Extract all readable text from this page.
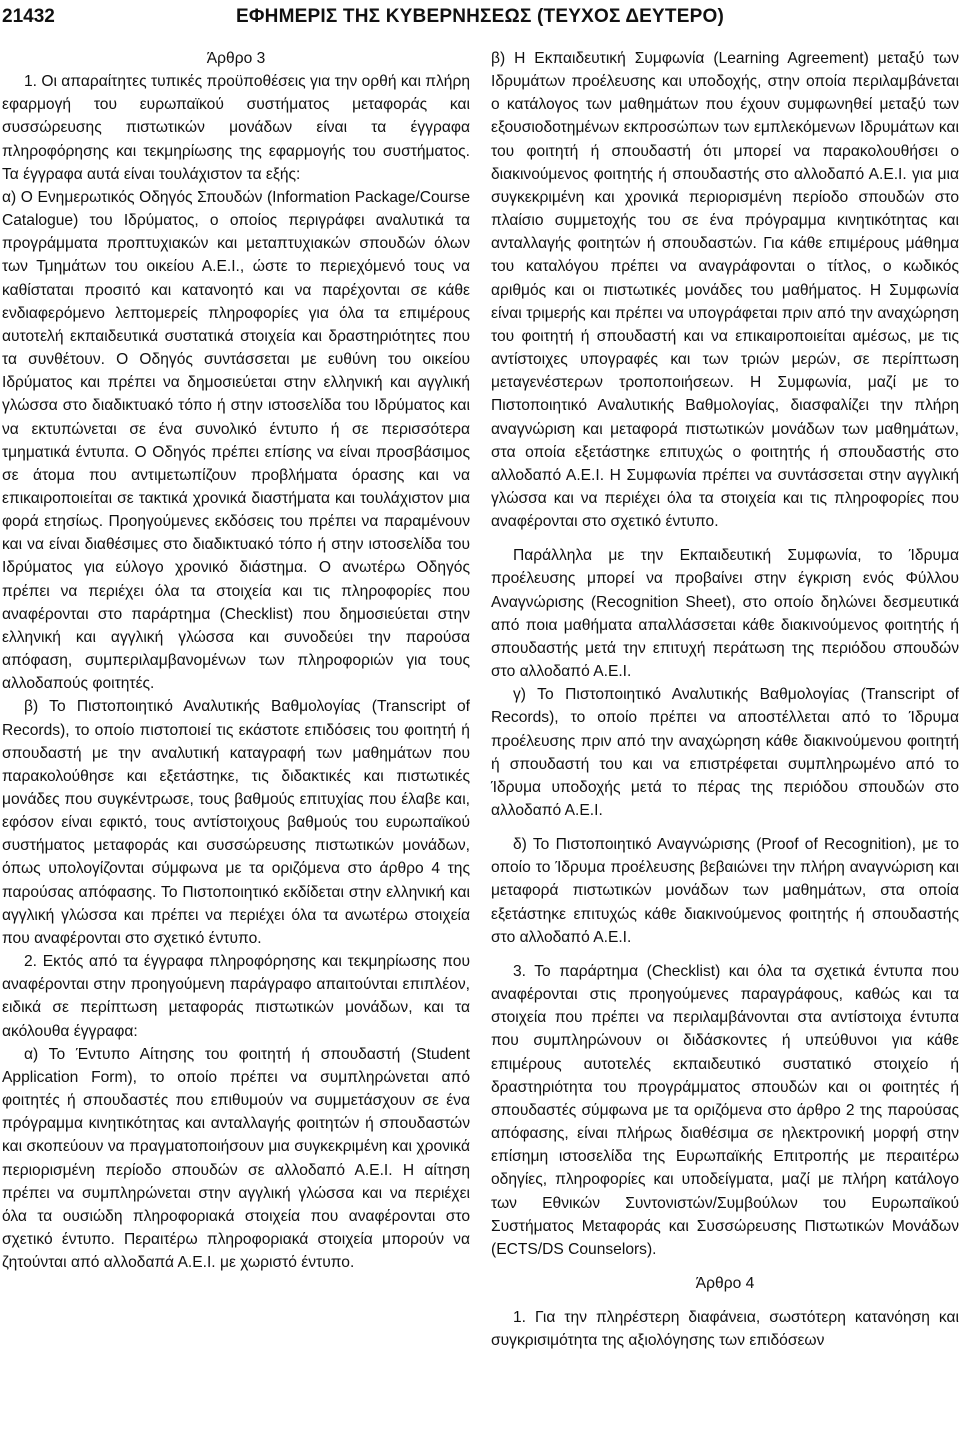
21432	ΕΦΗΜΕΡΙΣ ΤΗΣ ΚΥΒΕΡΝΗΣΕΩΣ (ΤΕΥΧΟΣ ΔΕΥΤΕΡΟ)

Άρθρο 3

1. Οι απαραίτητες τυπικές προϋποθέσεις για την ορθή και πλήρη εφαρμογή του ευρωπαϊκού συστήματος μεταφοράς και συσσώρευσης πιστωτικών μονάδων είναι τα έγγραφα πληροφόρησης και τεκμηρίωσης της εφαρμογής του συστήματος. Τα έγγραφα αυτά είναι τουλάχιστον τα εξής:

α) Ο Ενημερωτικός Οδηγός Σπουδών (Information Package/Course Catalogue) του Ιδρύματος, ο οποίος περιγράφει αναλυτικά τα προγράμματα προπτυχιακών και μεταπτυχιακών σπουδών όλων των Τμημάτων του οικείου Α.Ε.Ι., ώστε το περιεχόμενό τους να καθίσταται προσιτό και κατανοητό και να παρέχονται σε κάθε ενδιαφερόμενο λεπτομερείς πληροφορίες για όλα τα επιμέρους αυτοτελή εκπαιδευτικά συστατικά στοιχεία και δραστηριότητες που τα συνθέτουν. Ο Οδηγός συντάσσεται με ευθύνη του οικείου Ιδρύματος και πρέπει να δημοσιεύεται στην ελληνική και αγγλική γλώσσα στο διαδικτυακό τόπο ή στην ιστοσελίδα του Ιδρύματος και να εκτυπώνεται σε ένα συνολικό έντυπο ή σε περισσότερα τμηματικά έντυπα. Ο Οδηγός πρέπει επίσης να είναι προσβάσιμος σε άτομα που αντιμετωπίζουν προβλήματα όρασης και να επικαιροποιείται σε τακτικά χρονικά διαστήματα και τουλάχιστον μια φορά ετησίως. Προηγούμενες εκδόσεις του πρέπει να παραμένουν και να είναι διαθέσιμες στο διαδικτυακό τόπο ή στην ιστοσελίδα του Ιδρύματος για εύλογο χρονικό διάστημα. Ο ανωτέρω Οδηγός πρέπει να περιέχει όλα τα στοιχεία και τις πληροφορίες που αναφέρονται στο παράρτημα (Checklist) που δημοσιεύεται στην ελληνική και αγγλική γλώσσα και συνοδεύει την παρούσα απόφαση, συμπεριλαμβανομένων των πληροφοριών για τους αλλοδαπούς φοιτητές.

β) Το Πιστοποιητικό Αναλυτικής Βαθμολογίας (Transcript of Records), το οποίο πιστοποιεί τις εκάστοτε επιδόσεις του φοιτητή ή σπουδαστή με την αναλυτική καταγραφή των μαθημάτων που παρακολούθησε και εξετάστηκε, τις διδακτικές και πιστωτικές μονάδες που συγκέντρωσε, τους βαθμούς επιτυχίας που έλαβε και, εφόσον είναι εφικτό, τους αντίστοιχους βαθμούς του ευρωπαϊκού συστήματος μεταφοράς και συσσώρευσης πιστωτικών μονάδων, όπως υπολογίζονται σύμφωνα με τα οριζόμενα στο άρθρο 4 της παρούσας απόφασης. Το Πιστοποιητικό εκδίδεται στην ελληνική και αγγλική γλώσσα και πρέπει να περιέχει όλα τα ανωτέρω στοιχεία που αναφέρονται στο σχετικό έντυπο.

2. Εκτός από τα έγγραφα πληροφόρησης και τεκμηρίωσης που αναφέρονται στην προηγούμενη παράγραφο απαιτούνται επιπλέον, ειδικά σε περίπτωση μεταφοράς πιστωτικών μονάδων, και τα ακόλουθα έγγραφα:

α) Το Έντυπο Αίτησης του φοιτητή ή σπουδαστή (Student Application Form), το οποίο πρέπει να συμπληρώνεται από φοιτητές ή σπουδαστές που επιθυμούν να συμμετάσχουν σε ένα πρόγραμμα κινητικότητας και ανταλλαγής φοιτητών ή σπουδαστών και σκοπεύουν να πραγματοποιήσουν μια συγκεκριμένη και χρονικά περιορισμένη περίοδο σπουδών σε αλλοδαπό Α.Ε.Ι. Η αίτηση πρέπει να συμπληρώνεται στην αγγλική γλώσσα και να περιέχει όλα τα ουσιώδη πληροφοριακά στοιχεία που αναφέρονται στο σχετικό έντυπο. Περαιτέρω πληροφοριακά στοιχεία μπορούν να ζητούνται από αλλοδαπά Α.Ε.Ι. με χωριστό έντυπο.

β) Η Εκπαιδευτική Συμφωνία (Learning Agreement) μεταξύ των Ιδρυμάτων προέλευσης και υποδοχής, στην οποία περιλαμβάνεται ο κατάλογος των μαθημάτων που έχουν συμφωνηθεί μεταξύ των εξουσιοδοτημένων εκπροσώπων των εμπλεκόμενων Ιδρυμάτων και του φοιτητή ή σπουδαστή ότι μπορεί να παρακολουθήσει ο διακινούμενος φοιτητής ή σπουδαστής στο αλλοδαπό Α.Ε.Ι. για μια συγκεκριμένη και χρονικά περιορισμένη περίοδο σπουδών στο πλαίσιο συμμετοχής του σε ένα πρόγραμμα κινητικότητας και ανταλλαγής φοιτητών ή σπουδαστών. Για κάθε επιμέρους μάθημα του καταλόγου πρέπει να αναγράφονται ο τίτλος, ο κωδικός αριθμός και οι πιστωτικές μονάδες του μαθήματος. Η Συμφωνία είναι τριμερής και πρέπει να υπογράφεται πριν από την αναχώρηση του φοιτητή ή σπουδαστή και να επικαιροποιείται αμέσως, με τις αντίστοιχες υπογραφές και των τριών μερών, σε περίπτωση μεταγενέστερων τροποποιήσεων. Η Συμφωνία, μαζί με το Πιστοποιητικό Αναλυτικής Βαθμολογίας, διασφαλίζει την πλήρη αναγνώριση και μεταφορά πιστωτικών μονάδων των μαθημάτων, στα οποία εξετάστηκε επιτυχώς ο φοιτητής ή σπουδαστής στο αλλοδαπό Α.Ε.Ι. Η Συμφωνία πρέπει να συντάσσεται στην αγγλική γλώσσα και να περιέχει όλα τα στοιχεία και τις πληροφορίες που αναφέρονται στο σχετικό έντυπο.

Παράλληλα με την Εκπαιδευτική Συμφωνία, το Ίδρυμα προέλευσης μπορεί να προβαίνει στην έγκριση ενός Φύλλου Αναγνώρισης (Recognition Sheet), στο οποίο δηλώνει δεσμευτικά από ποια μαθήματα απαλλάσσεται κάθε διακινούμενος φοιτητής ή σπουδαστής μετά την επιτυχή περάτωση της περιόδου σπουδών στο αλλοδαπό Α.Ε.Ι.

γ) Το Πιστοποιητικό Αναλυτικής Βαθμολογίας (Transcript of Records), το οποίο πρέπει να αποστέλλεται από το Ίδρυμα προέλευσης πριν από την αναχώρηση κάθε διακινούμενου φοιτητή ή σπουδαστή του και να επιστρέφεται συμπληρωμένο από το Ίδρυμα υποδοχής μετά το πέρας της περιόδου σπουδών στο αλλοδαπό Α.Ε.Ι.

δ) Το Πιστοποιητικό Αναγνώρισης (Proof of Recognition), με το οποίο το Ίδρυμα προέλευσης βεβαιώνει την πλήρη αναγνώριση και μεταφορά πιστωτικών μονάδων των μαθημάτων, στα οποία εξετάστηκε επιτυχώς κάθε διακινούμενος φοιτητής ή σπουδαστής στο αλλοδαπό Α.Ε.Ι.

3. Το παράρτημα (Checklist) και όλα τα σχετικά έντυπα που αναφέρονται στις προηγούμενες παραγράφους, καθώς και τα στοιχεία που πρέπει να περιλαμβάνονται στα αντίστοιχα έντυπα που συμπληρώνουν οι διδάσκοντες ή υπεύθυνοι για κάθε επιμέρους αυτοτελές εκπαιδευτικό συστατικό στοιχείο ή δραστηριότητα του προγράμματος σπουδών και οι φοιτητές ή σπουδαστές σύμφωνα με τα οριζόμενα στο άρθρο 2 της παρούσας απόφασης, είναι πλήρως διαθέσιμα σε ηλεκτρονική μορφή στην επίσημη ιστοσελίδα της Ευρωπαϊκής Επιτροπής με περαιτέρω οδηγίες, πληροφορίες και υποδείγματα, μαζί με πλήρη κατάλογο των Εθνικών Συντονιστών/Συμβούλων του Ευρωπαϊκού Συστήματος Μεταφοράς και Συσσώρευσης Πιστωτικών Μονάδων (ECTS/DS Counselors).

Άρθρο 4

1. Για την πληρέστερη διαφάνεια, σωστότερη κατανόηση και συγκρισιμότητα της αξιολόγησης των επιδόσεων
